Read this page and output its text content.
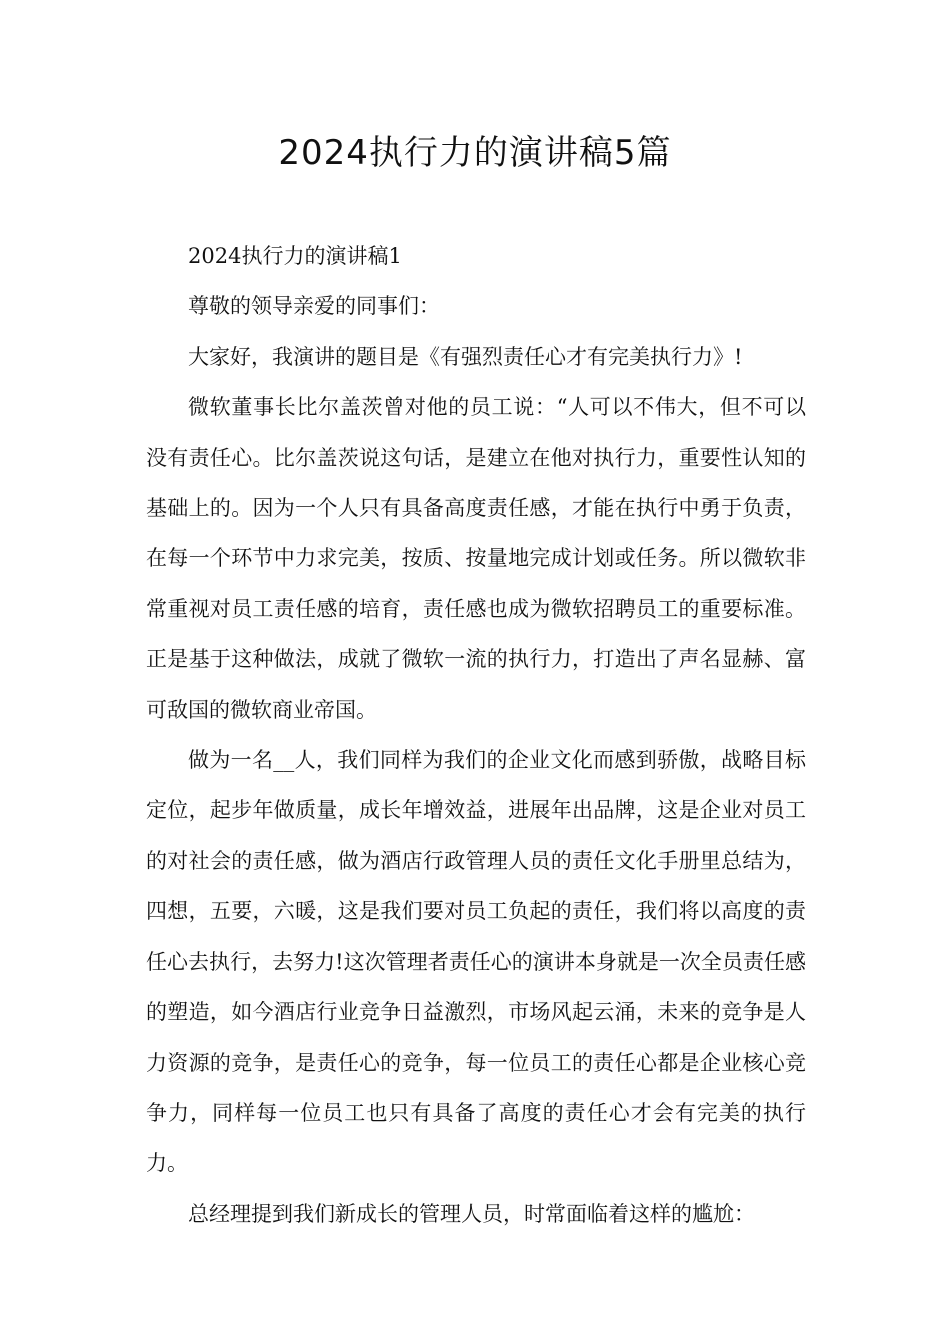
2024执行力的演讲稿5篇

2024执行力的演讲稿1

尊敬的领导亲爱的同事们：

大家好，我演讲的题目是《有强烈责任心才有完美执行力》!

微软董事长比尔盖茨曾对他的员工说：“人可以不伟大，但不可以没有责任心。比尔盖茨说这句话，是建立在他对执行力，重要性认知的基础上的。因为一个人只有具备高度责任感，才能在执行中勇于负责，在每一个环节中力求完美，按质、按量地完成计划或任务。所以微软非常重视对员工责任感的培育，责任感也成为微软招聘员工的重要标准。正是基于这种做法，成就了微软一流的执行力，打造出了声名显赫、富可敌国的微软商业帝国。

做为一名__人，我们同样为我们的企业文化而感到骄傲，战略目标定位，起步年做质量，成长年增效益，进展年出品牌，这是企业对员工的对社会的责任感，做为酒店行政管理人员的责任文化手册里总结为，四想，五要，六暖，这是我们要对员工负起的责任，我们将以高度的责任心去执行，去努力!这次管理者责任心的演讲本身就是一次全员责任感的塑造，如今酒店行业竞争日益激烈，市场风起云涌，未来的竞争是人力资源的竞争，是责任心的竞争，每一位员工的责任心都是企业核心竞争力，同样每一位员工也只有具备了高度的责任心才会有完美的执行力。

总经理提到我们新成长的管理人员，时常面临着这样的尴尬：
